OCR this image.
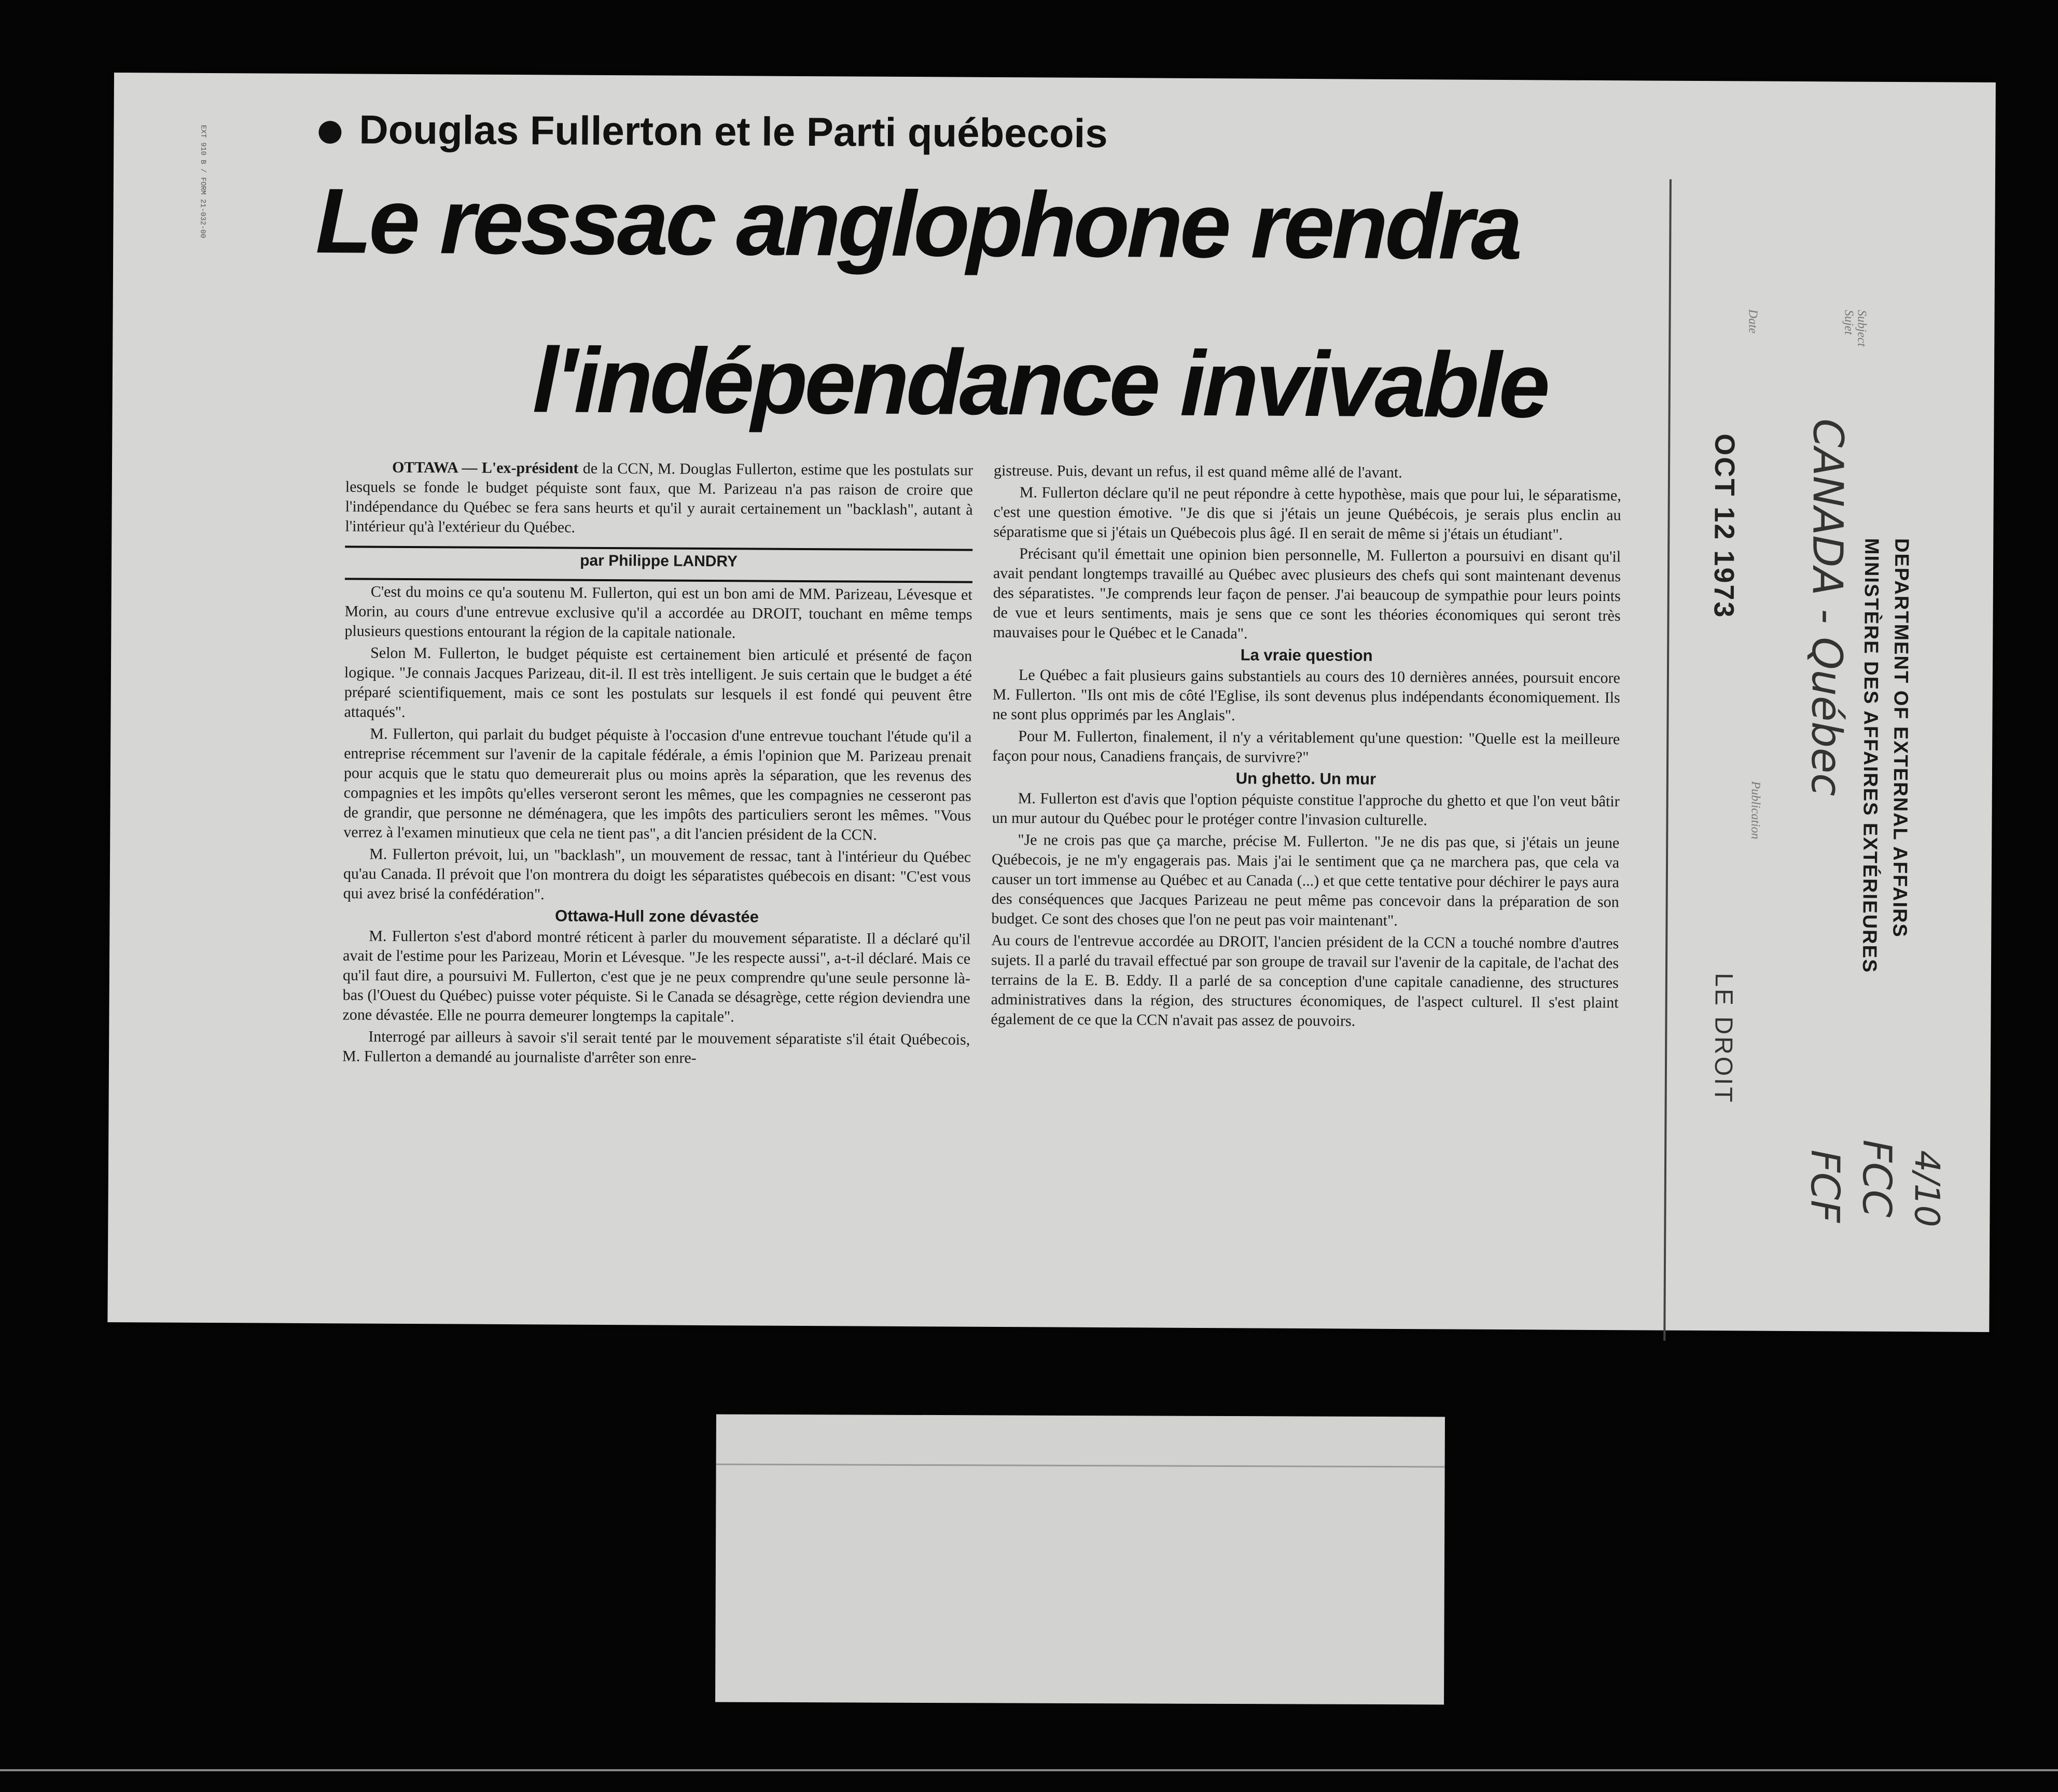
EXT 910 B / FORM 21-032-00	Douglas Fullerton et le Parti québecois
Le ressac anglophone rendra
l'indépendance invivable

OTTAWA — L'ex-président de la CCN, M. Douglas Fullerton, estime que les postulats sur lesquels se fonde le budget péquiste sont faux, que M. Parizeau n'a pas raison de croire que l'indépendance du Québec se fera sans heurts et qu'il y aurait certainement un "backlash", autant à l'intérieur qu'à l'extérieur du Québec.

par Philippe LANDRY

C'est du moins ce qu'a soutenu M. Fullerton, qui est un bon ami de MM. Parizeau, Lévesque et Morin, au cours d'une entrevue exclusive qu'il a accordée au DROIT, touchant en même temps plusieurs questions entourant la région de la capitale nationale.

Selon M. Fullerton, le budget péquiste est certainement bien articulé et présenté de façon logique. "Je connais Jacques Parizeau, dit-il. Il est très intelligent. Je suis certain que le budget a été préparé scientifiquement, mais ce sont les postulats sur lesquels il est fondé qui peuvent être attaqués".

M. Fullerton, qui parlait du budget péquiste à l'occasion d'une entrevue touchant l'étude qu'il a entreprise récemment sur l'avenir de la capitale fédérale, a émis l'opinion que M. Parizeau prenait pour acquis que le statu quo demeurerait plus ou moins après la séparation, que les revenus des compagnies et les impôts qu'elles verseront seront les mêmes, que les compagnies ne cesseront pas de grandir, que personne ne déménagera, que les impôts des particuliers seront les mêmes. "Vous verrez à l'examen minutieux que cela ne tient pas", a dit l'ancien président de la CCN.

M. Fullerton prévoit, lui, un "backlash", un mouvement de ressac, tant à l'intérieur du Québec qu'au Canada. Il prévoit que l'on montrera du doigt les séparatistes québecois en disant: "C'est vous qui avez brisé la confédération".

Ottawa-Hull zone dévastée

M. Fullerton s'est d'abord montré réticent à parler du mouvement séparatiste. Il a déclaré qu'il avait de l'estime pour les Parizeau, Morin et Lévesque. "Je les respecte aussi", a-t-il déclaré. Mais ce qu'il faut dire, a poursuivi M. Fullerton, c'est que je ne peux comprendre qu'une seule personne là-bas (l'Ouest du Québec) puisse voter péquiste. Si le Canada se désagrège, cette région deviendra une zone dévastée. Elle ne pourra demeurer longtemps la capitale".

Interrogé par ailleurs à savoir s'il serait tenté par le mouvement séparatiste s'il était Québecois, M. Fullerton a demandé au journaliste d'arrêter son enre-

gistreuse. Puis, devant un refus, il est quand même allé de l'avant.

M. Fullerton déclare qu'il ne peut répondre à cette hypothèse, mais que pour lui, le séparatisme, c'est une question émotive. "Je dis que si j'étais un jeune Québécois, je serais plus enclin au séparatisme que si j'étais un Québecois plus âgé. Il en serait de même si j'étais un étudiant".

Précisant qu'il émettait une opinion bien personnelle, M. Fullerton a poursuivi en disant qu'il avait pendant longtemps travaillé au Québec avec plusieurs des chefs qui sont maintenant devenus des séparatistes. "Je comprends leur façon de penser. J'ai beaucoup de sympathie pour leurs points de vue et leurs sentiments, mais je sens que ce sont les théories économiques qui seront très mauvaises pour le Québec et le Canada".

La vraie question

Le Québec a fait plusieurs gains substantiels au cours des 10 dernières années, poursuit encore M. Fullerton. "Ils ont mis de côté l'Eglise, ils sont devenus plus indépendants économiquement. Ils ne sont plus opprimés par les Anglais".

Pour M. Fullerton, finalement, il n'y a véritablement qu'une question: "Quelle est la meilleure façon pour nous, Canadiens français, de survivre?"

Un ghetto. Un mur

M. Fullerton est d'avis que l'option péquiste constitue l'approche du ghetto et que l'on veut bâtir un mur autour du Québec pour le protéger contre l'invasion culturelle.

"Je ne crois pas que ça marche, précise M. Fullerton. "Je ne dis pas que, si j'étais un jeune Québecois, je ne m'y engagerais pas. Mais j'ai le sentiment que ça ne marchera pas, que cela va causer un tort immense au Québec et au Canada (...) et que cette tentative pour déchirer le pays aura des conséquences que Jacques Parizeau ne peut même pas concevoir dans la préparation de son budget. Ce sont des choses que l'on ne peut pas voir maintenant".

Au cours de l'entrevue accordée au DROIT, l'ancien président de la CCN a touché nombre d'autres sujets. Il a parlé du travail effectué par son groupe de travail sur l'avenir de la capitale, de l'achat des terrains de la E. B. Eddy. Il a parlé de sa conception d'une capitale canadienne, des structures administratives dans la région, des structures économiques, de l'aspect culturel. Il s'est plaint également de ce que la CCN n'avait pas assez de pouvoirs.

Subject
Sujet
Date
Publication
OCT 12 1973
LE DROIT
CANADA - Québec
FCC
FCF 4/10
DEPARTMENT OF EXTERNAL AFFAIRS
MINISTÈRE DES AFFAIRES EXTÉRIEURES
